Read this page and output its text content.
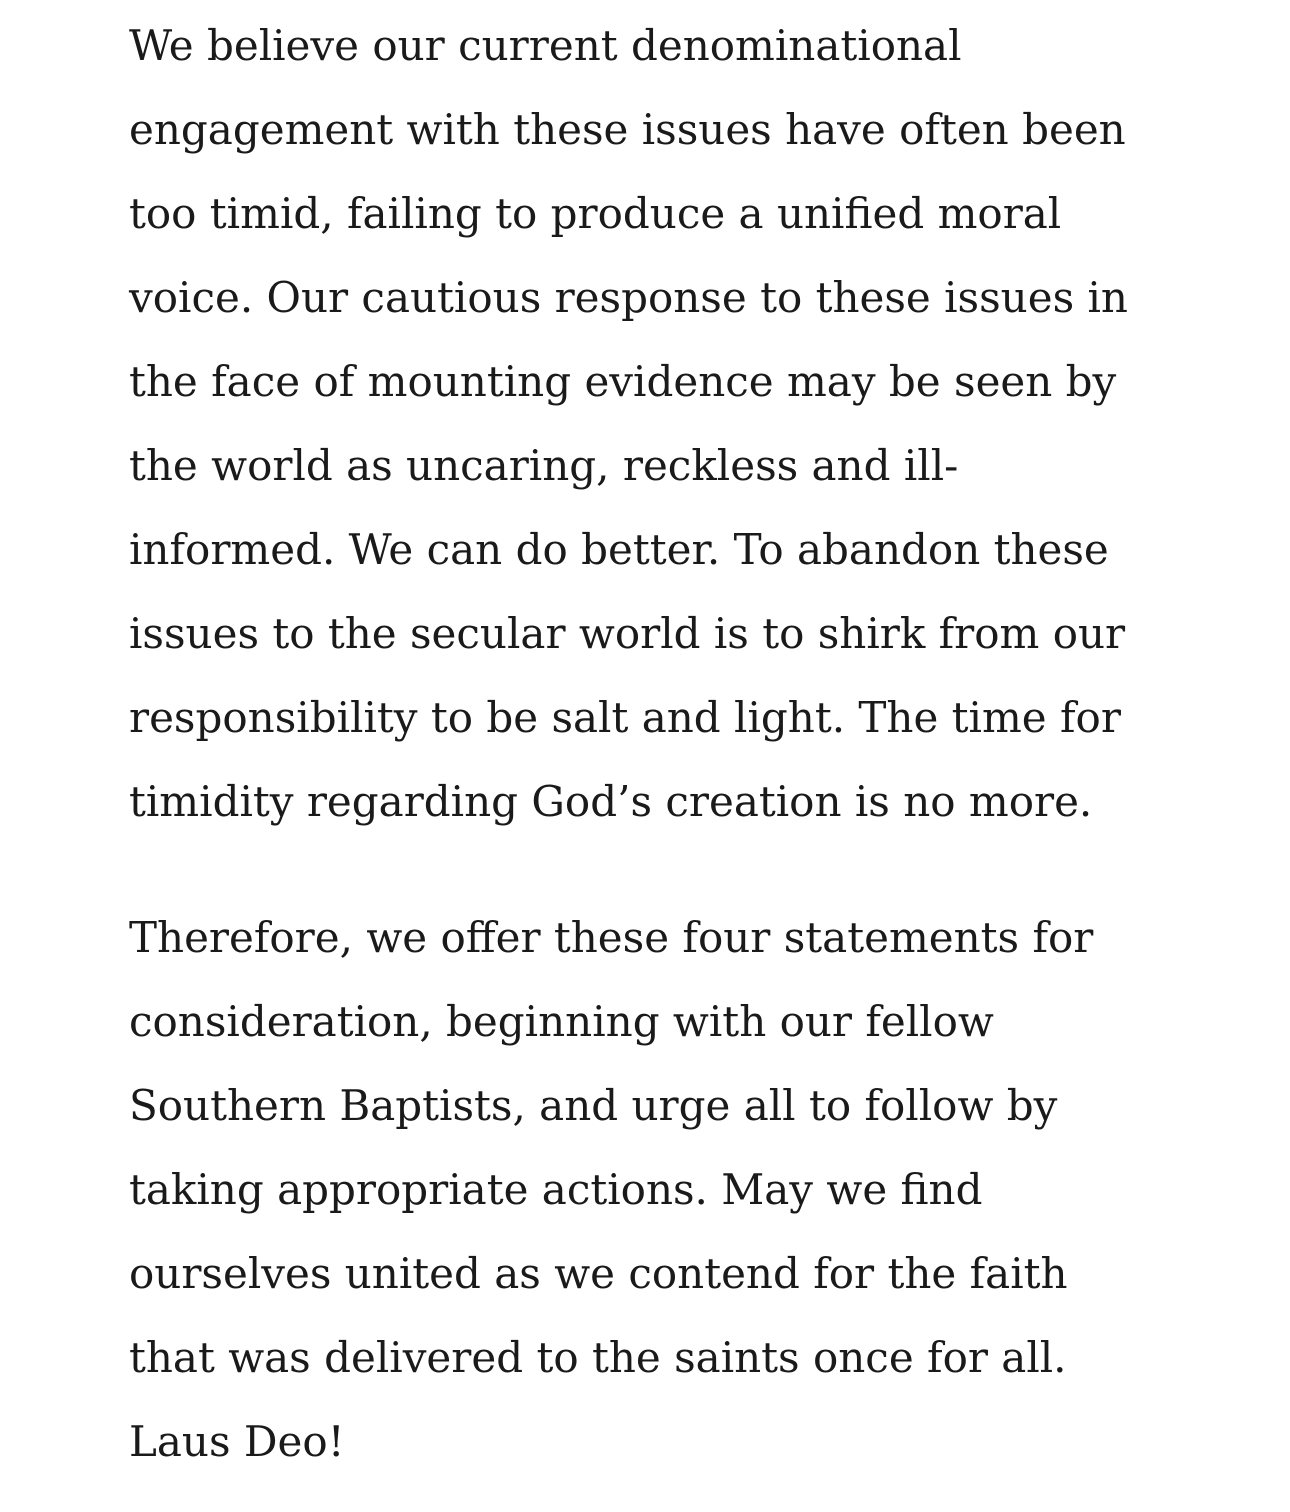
We believe our current denominational
engagement with these issues have often been
too timid, failing to produce a unified moral
voice. Our cautious response to these issues in
the face of mounting evidence may be seen by
the world as uncaring, reckless and ill-
informed. We can do better. To abandon these
issues to the secular world is to shirk from our
responsibility to be salt and light. The time for
timidity regarding God’s creation is no more.

Therefore, we offer these four statements for
consideration, beginning with our fellow
Southern Baptists, and urge all to follow by
taking appropriate actions. May we find
ourselves united as we contend for the faith
that was delivered to the saints once for all.
Laus Deo!
